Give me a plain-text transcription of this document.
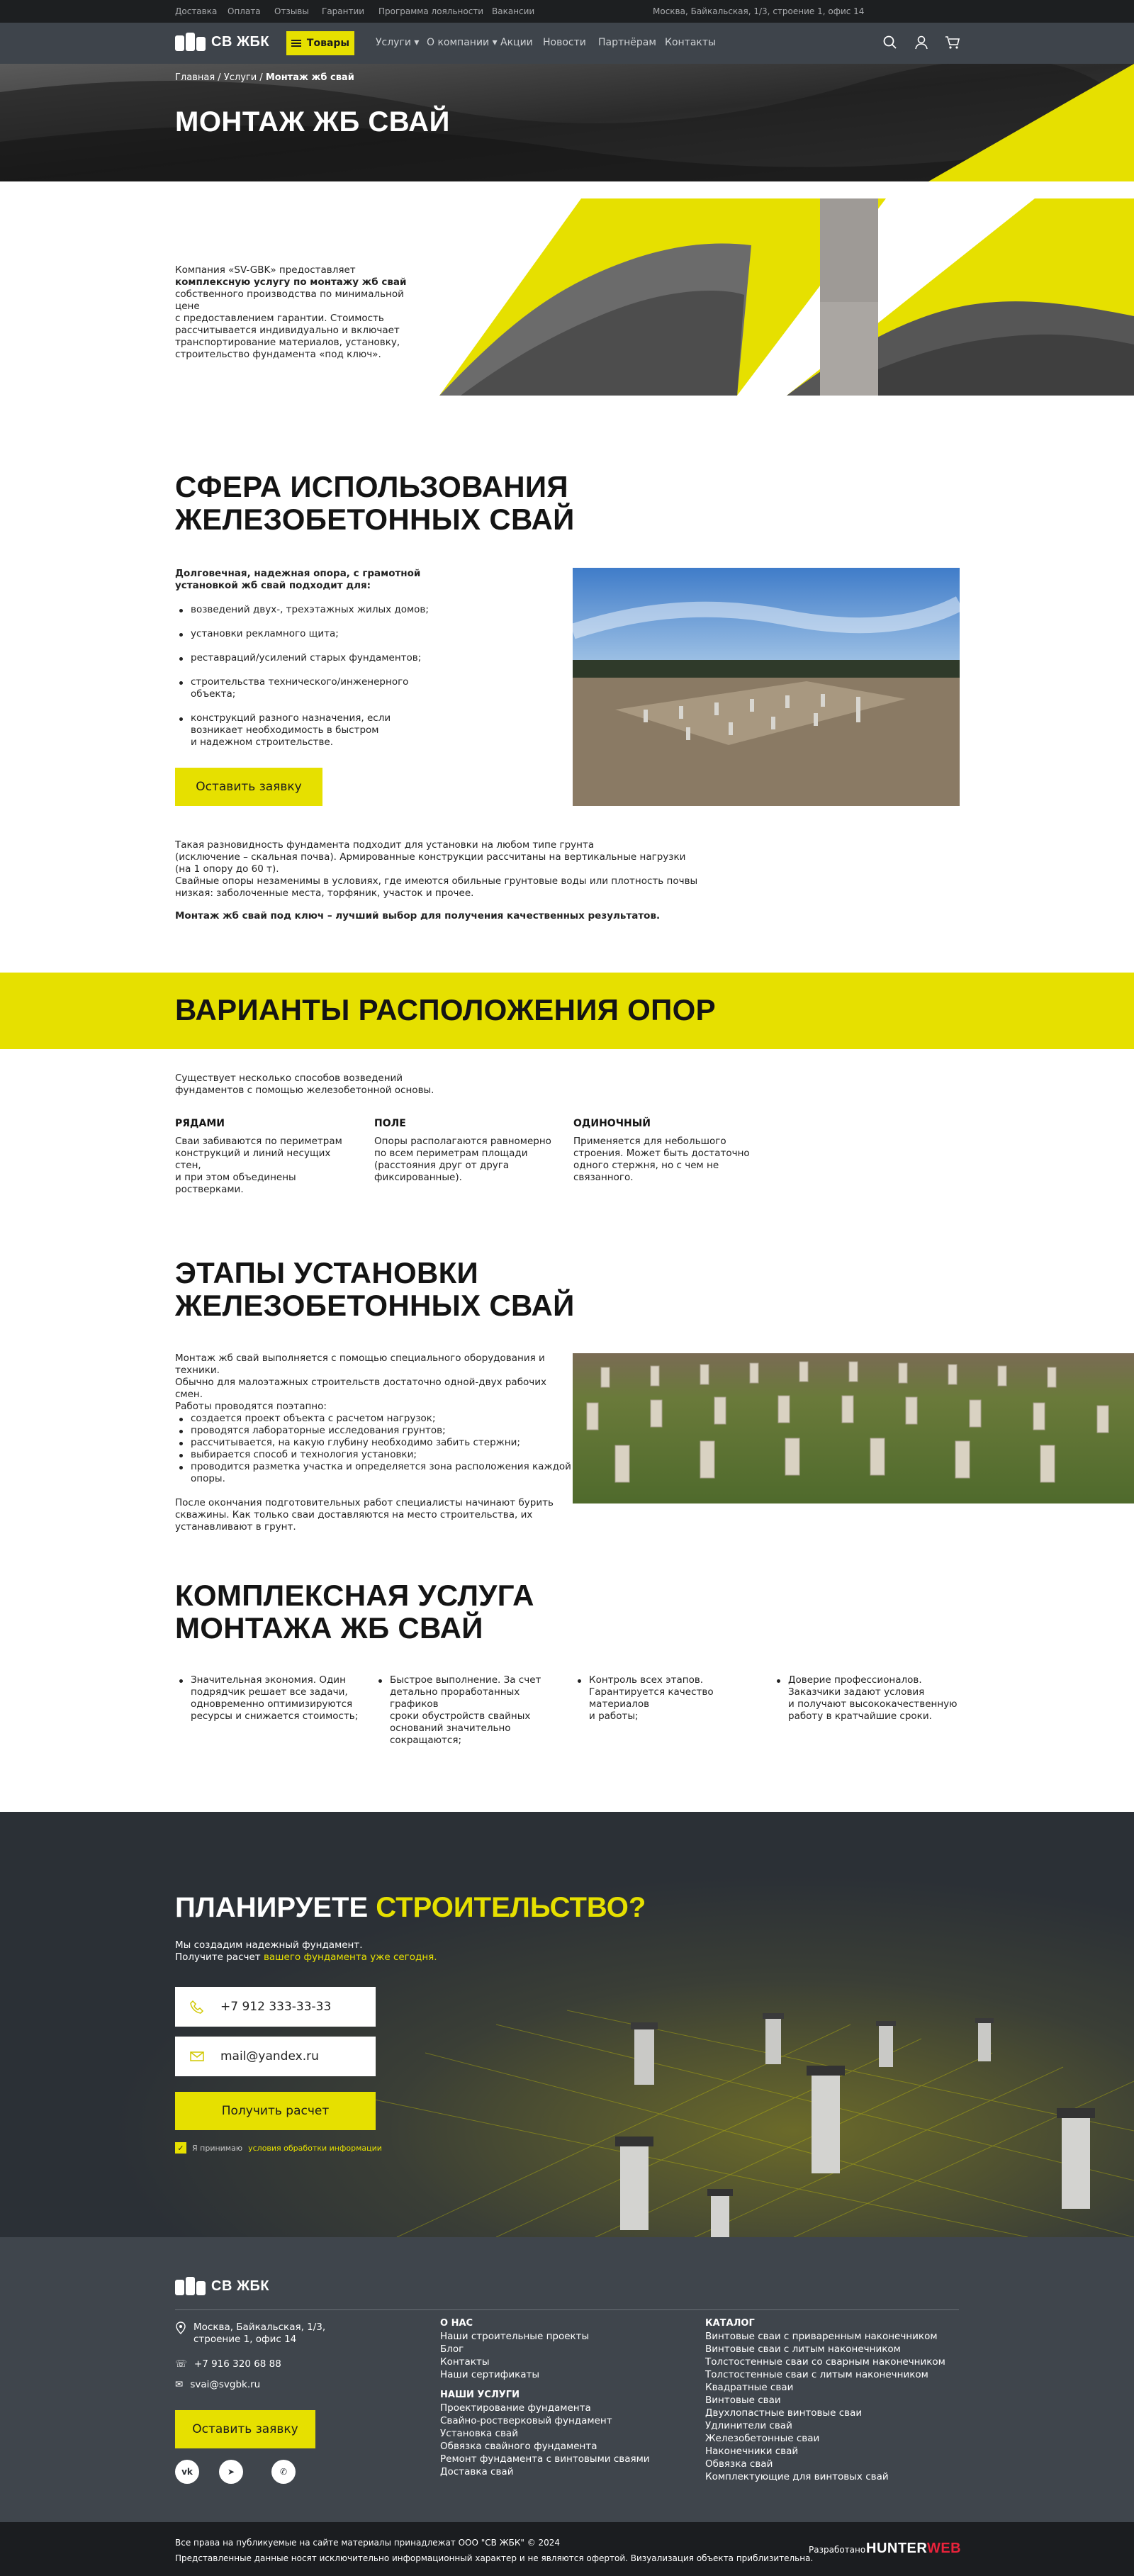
Доставка Оплата Отзывы Гарантии Программа лояльности Вакансии	Москва, Байкальская, 1/3, строение 1, офис 14
СВ ЖБК	Товары	Услуги ▾ О компании ▾ Акции Новости Партнёрам Контакты
Главная / Услуги / Монтаж жб свай
МОНТАЖ ЖБ СВАЙ
Компания «SV-GBK» предоставляет
комплексную услугу по монтажу жб свай
собственного производства по минимальной цене
с предоставлением гарантии. Стоимость
рассчитывается индивидуально и включает
транспортирование материалов, установку,
строительство фундамента «под ключ».
СФЕРА ИСПОЛЬЗОВАНИЯ
ЖЕЛЕЗОБЕТОННЫХ СВАЙ
Долговечная, надежная опора, с грамотной
установкой жб свай подходит для:
возведений двух-, трехэтажных жилых домов;
установки рекламного щита;
реставраций/усилений старых фундаментов;
строительства технического/инженерного
объекта;
конструкций разного назначения, если
возникает необходимость в быстром
и надежном строительстве.
Оставить заявку
Такая разновидность фундамента подходит для установки на любом типе грунта
(исключение – скальная почва). Армированные конструкции рассчитаны на вертикальные нагрузки
(на 1 опору до 60 т).
Свайные опоры незаменимы в условиях, где имеются обильные грунтовые воды или плотность почвы
низкая: заболоченные места, торфяник, участок и прочее.
Монтаж жб свай под ключ – лучший выбор для получения качественных результатов.
ВАРИАНТЫ РАСПОЛОЖЕНИЯ ОПОР
Существует несколько способов возведений
фундаментов с помощью железобетонной основы.
РЯДАМИ
Сваи забиваются по периметрам
конструкций и линий несущих стен,
и при этом объединены
ростверками.
ПОЛЕ
Опоры располагаются равномерно
по всем периметрам площади
(расстояния друг от друга
фиксированные).
ОДИНОЧНЫЙ
Применяется для небольшого
строения. Может быть достаточно
одного стержня, но с чем не
связанного.
ЭТАПЫ УСТАНОВКИ
ЖЕЛЕЗОБЕТОННЫХ СВАЙ
Монтаж жб свай выполняется с помощью специального оборудования и техники.
Обычно для малоэтажных строительств достаточно одной-двух рабочих смен.
Работы проводятся поэтапно:
создается проект объекта с расчетом нагрузок;
проводятся лабораторные исследования грунтов;
рассчитывается, на какую глубину необходимо забить стержни;
выбирается способ и технология установки;
проводится разметка участка и определяется зона расположения каждой
опоры.
После окончания подготовительных работ специалисты начинают бурить
скважины. Как только сваи доставляются на место строительства, их
устанавливают в грунт.
КОМПЛЕКСНАЯ УСЛУГА
МОНТАЖА ЖБ СВАЙ
Значительная экономия. Один
подрядчик решает все задачи,
одновременно оптимизируются
ресурсы и снижается стоимость;
Быстрое выполнение. За счет
детально проработанных графиков
сроки обустройств свайных
оснований значительно
сокращаются;
Контроль всех этапов.
Гарантируется качество материалов
и работы;
Доверие профессионалов.
Заказчики задают условия
и получают высококачественную
работу в кратчайшие сроки.
ПЛАНИРУЕТЕ СТРОИТЕЛЬСТВО?
Мы создадим надежный фундамент.
Получите расчет вашего фундамента уже сегодня.
+7 912 333-33-33
mail@yandex.ru
Получить расчет
✓	Я принимаю условия обработки информации
СВ ЖБК
Москва, Байкальская, 1/3,
строение 1, офис 14
☏ +7 916 320 68 88
✉ svai@svgbk.ru
Оставить заявку
vk	➤	✆
О НАС
Наши строительные проекты
Блог
Контакты
Наши сертификаты
НАШИ УСЛУГИ
Проектирование фундамента
Свайно-ростверковый фундамент
Установка свай
Обвязка свайного фундамента
Ремонт фундамента с винтовыми сваями
Доставка свай
КАТАЛОГ
Винтовые сваи с приваренным наконечником
Винтовые сваи с литым наконечником
Толстостенные сваи со сварным наконечником
Толстостенные сваи с литым наконечником
Квадратные сваи
Винтовые сваи
Двухлопастные винтовые сваи
Удлинители свай
Железобетонные сваи
Наконечники свай
Обвязка свай
Комплектующие для винтовых свай
Все права на публикуемые на сайте материалы принадлежат ООО "СВ ЖБК" © 2024
Представленные данные носят исключительно информационный характер и не являются офертой. Визуализация объекта приблизительна.
Разработано HUNTERWEB
